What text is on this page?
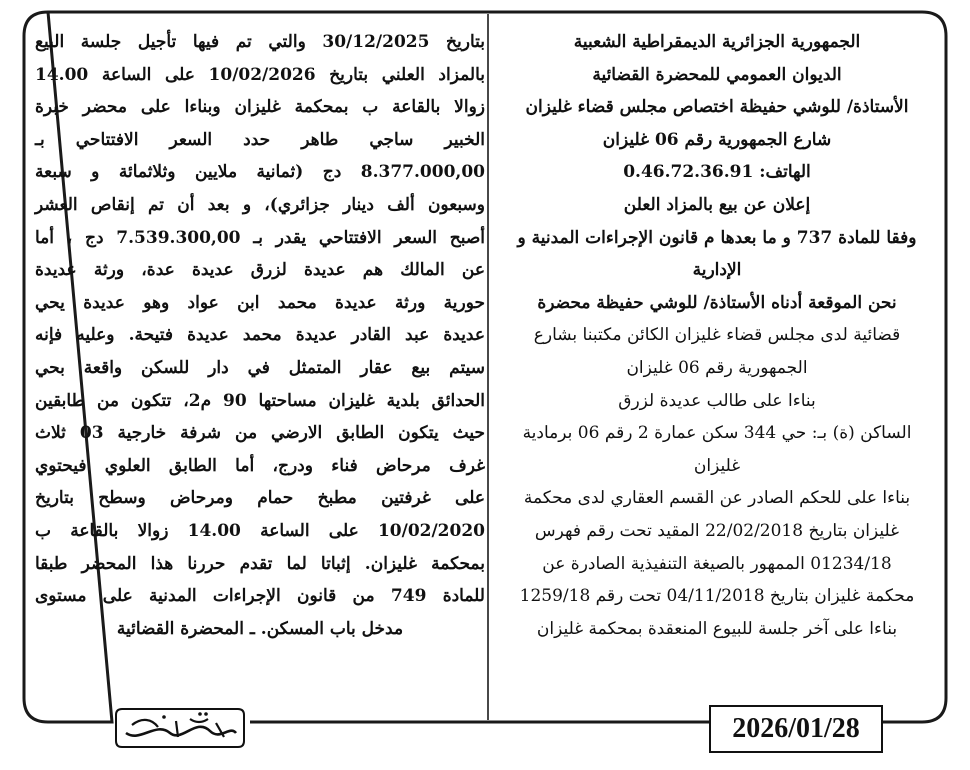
الجمهورية الجزائرية الديمقراطية الشعبية
الديوان العمومي للمحضرة القضائية
الأستاذة/ للوشي حفيظة اختصاص مجلس قضاء غليزان
شارع الجمهورية رقم 06 غليزان
الهاتف: 0.46.72.36.91
إعلان عن بيع بالمزاد العلن
وفقا للمادة 737 و ما بعدها م قانون الإجراءات المدنية و
الإدارية
نحن الموقعة أدناه الأستاذة/ للوشي حفيظة محضرة
قضائية لدى مجلس قضاء غليزان الكائن مكتبنا بشارع
الجمهورية رقم 06 غليزان
بناءا على طالب عديدة لزرق
الساكن (ة) بـ: حي 344 سكن عمارة 2 رقم 06 برمادية
غليزان
بناءا على للحكم الصادر عن القسم العقاري لدى محكمة
غليزان بتاريخ 22/02/2018 المقيد تحت رقم فهرس
01234/18 الممهور بالصيغة التنفيذية الصادرة عن
محكمة غليزان بتاريخ 04/11/2018 تحت رقم 1259/18
بناءا على آخر جلسة للبيوع المنعقدة بمحكمة غليزان
بتاريخ 30/12/2025 والتي تم فيها تأجيل جلسة البيع
بالمزاد العلني بتاريخ 10/02/2026 على الساعة 14.00
زوالا بالقاعة ب بمحكمة غليزان وبناءا على محضر خبرة
الخبير ساجي طاهر حدد السعر الافتتاحي بـ
8.377.000,00 دج (ثمانية ملايين وثلاثمائة و سبعة
وسبعون ألف دينار جزائري)، و بعد أن تم إنقاص العشر
أصبح السعر الافتتاحي يقدر بـ 7.539.300,00 دج ، أما
عن المالك هم عديدة لزرق عديدة عدة، ورثة عديدة
حورية ورثة عديدة محمد ابن عواد وهو عديدة يحي
عديدة عبد القادر عديدة محمد عديدة فتيحة. وعليه فإنه
سيتم بيع عقار المتمثل في دار للسكن واقعة بحي
الحدائق بلدية غليزان مساحتها 90 م2، تتكون من طابقين
حيث يتكون الطابق الارضي من شرفة خارجية 03 ثلاث
غرف مرحاض فناء ودرج، أما الطابق العلوي فيحتوي
على غرفتين مطبخ حمام ومرحاض وسطح بتاريخ
10/02/2020 على الساعة 14.00 زوالا بالقاعة ب
بمحكمة غليزان. إثباتا لما تقدم حررنا هذا المحضر طبقا
للمادة 749 من قانون الإجراءات المدنية على مستوى
مدخل باب المسكن. ـ المحضرة القضائية
2026/01/28
